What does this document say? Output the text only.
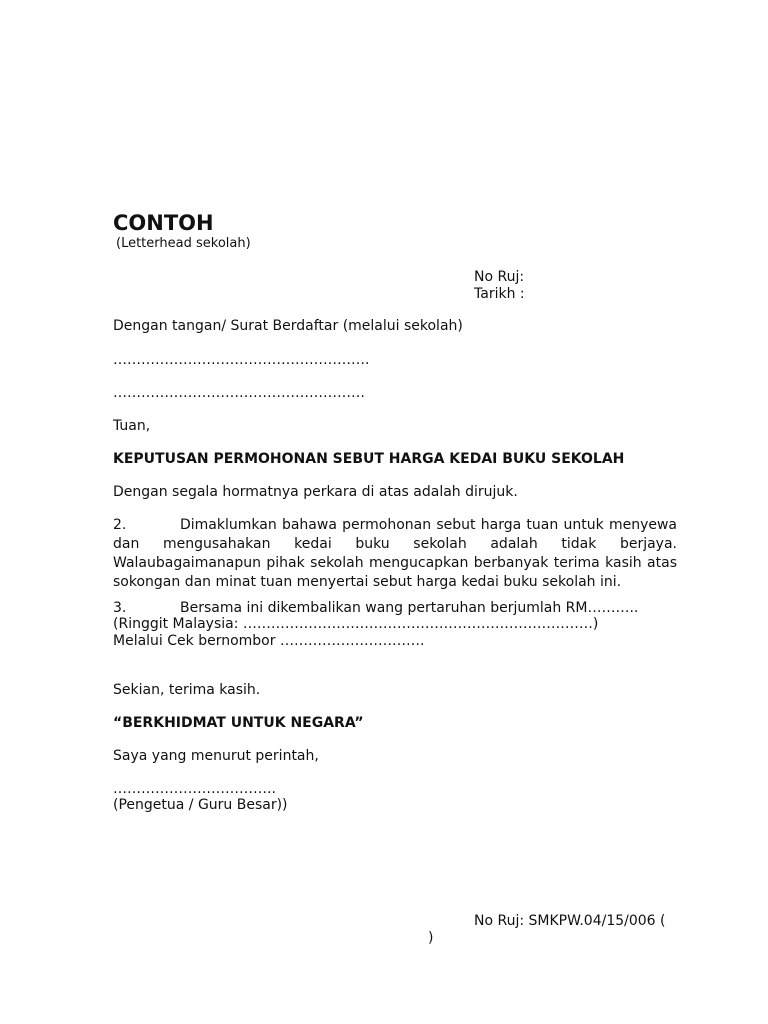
CONTOH
(Letterhead sekolah)
No Ruj:
Tarikh :
Dengan tangan/ Surat Berdaftar (melalui sekolah)
……………………………………………….
………………………………………………
Tuan,
KEPUTUSAN PERMOHONAN SEBUT HARGA KEDAI BUKU SEKOLAH
Dengan segala hormatnya perkara di atas adalah dirujuk.
2.	Dimaklumkan bahawa permohonan sebut harga tuan untuk menyewa dan mengusahakan kedai buku sekolah adalah tidak berjaya. Walaubagaimanapun pihak sekolah mengucapkan berbanyak terima kasih atas sokongan dan minat tuan menyertai sebut harga kedai buku sekolah ini.
3.	Bersama ini dikembalikan wang pertaruhan berjumlah RM………..
(Ringgit Malaysia: …………………………………………………………………)
Melalui Cek bernombor ………………………….
Sekian, terima kasih.
“BERKHIDMAT UNTUK NEGARA”
Saya yang menurut perintah,
……………………………..
(Pengetua / Guru Besar))
No Ruj: SMKPW.04/15/006 (
)
